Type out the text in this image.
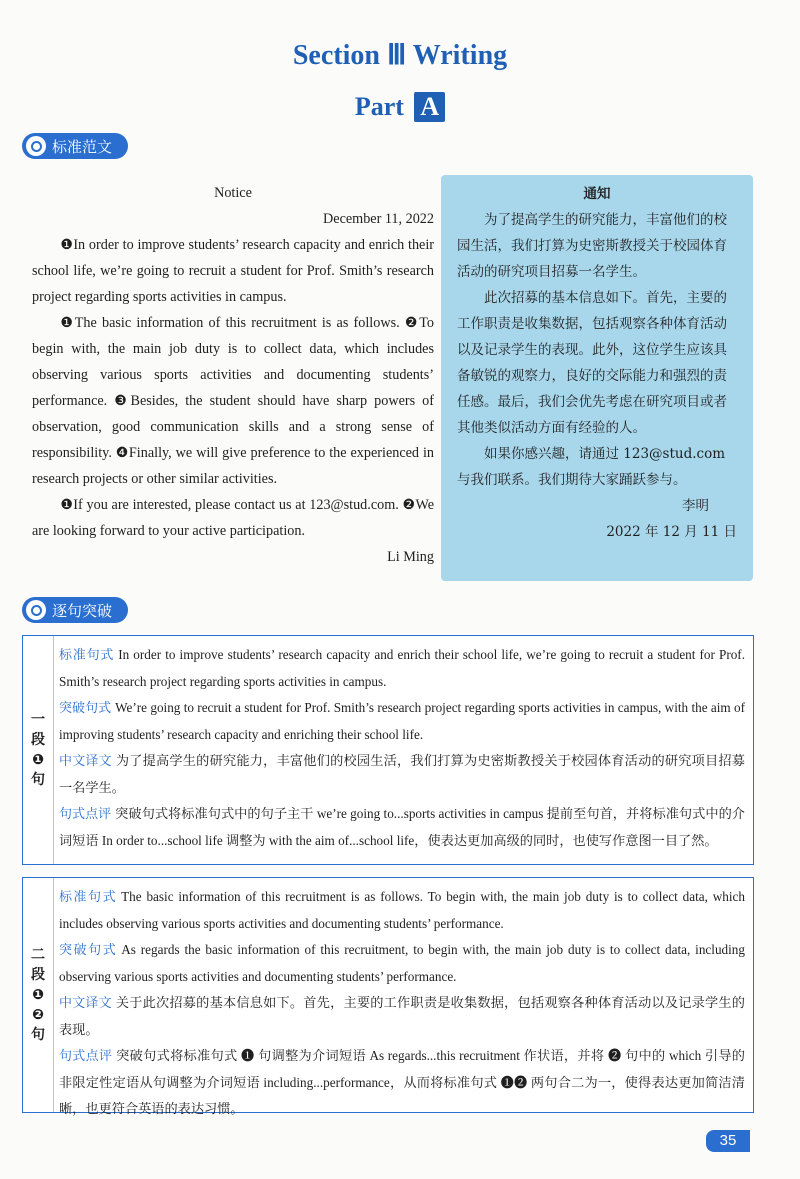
Section Ⅲ Writing
Part A
标准范文

Notice

December 11, 2022

❶In order to improve students’ research capacity and enrich their school life, we’re going to recruit a student for Prof. Smith’s research project regarding sports activities in campus.

❶The basic information of this recruitment is as follows. ❷To begin with, the main job duty is to collect data, which includes observing various sports activities and documenting students’ performance. ❸Besides, the student should have sharp powers of observation, good communication skills and a strong sense of responsibility. ❹Finally, we will give preference to the experienced in research projects or other similar activities.

❶If you are interested, please contact us at 123@stud.com. ❷We are looking forward to your active participation.

Li Ming

通知

为了提高学生的研究能力，丰富他们的校园生活，我们打算为史密斯教授关于校园体育活动的研究项目招募一名学生。

此次招募的基本信息如下。首先，主要的工作职责是收集数据，包括观察各种体育活动以及记录学生的表现。此外，这位学生应该具备敏锐的观察力，良好的交际能力和强烈的责任感。最后，我们会优先考虑在研究项目或者其他类似活动方面有经验的人。

如果你感兴趣，请通过 123@stud.com 与我们联系。我们期待大家踊跃参与。

李明

2022 年 12 月 11 日

逐句突破
一
段
❶
句

标准句式 In order to improve students’ research capacity and enrich their school life, we’re going to recruit a student for Prof. Smith’s research project regarding sports activities in campus.

突破句式 We’re going to recruit a student for Prof. Smith’s research project regarding sports activities in campus, with the aim of improving students’ research capacity and enriching their school life.

中文译文 为了提高学生的研究能力，丰富他们的校园生活，我们打算为史密斯教授关于校园体育活动的研究项目招募一名学生。

句式点评 突破句式将标准句式中的句子主干 we’re going to...sports activities in campus 提前至句首，并将标准句式中的介词短语 In order to...school life 调整为 with the aim of...school life，使表达更加高级的同时，也使写作意图一目了然。

二
段
❶
❷
句

标准句式 The basic information of this recruitment is as follows. To begin with, the main job duty is to collect data, which includes observing various sports activities and documenting students’ performance.

突破句式 As regards the basic information of this recruitment, to begin with, the main job duty is to collect data, including observing various sports activities and documenting students’ performance.

中文译文 关于此次招募的基本信息如下。首先，主要的工作职责是收集数据，包括观察各种体育活动以及记录学生的表现。

句式点评 突破句式将标准句式 ❶ 句调整为介词短语 As regards...this recruitment 作状语，并将 ❷ 句中的 which 引导的非限定性定语从句调整为介词短语 including...performance，从而将标准句式 ❶❷ 两句合二为一，使得表达更加简洁清晰，也更符合英语的表达习惯。

35
